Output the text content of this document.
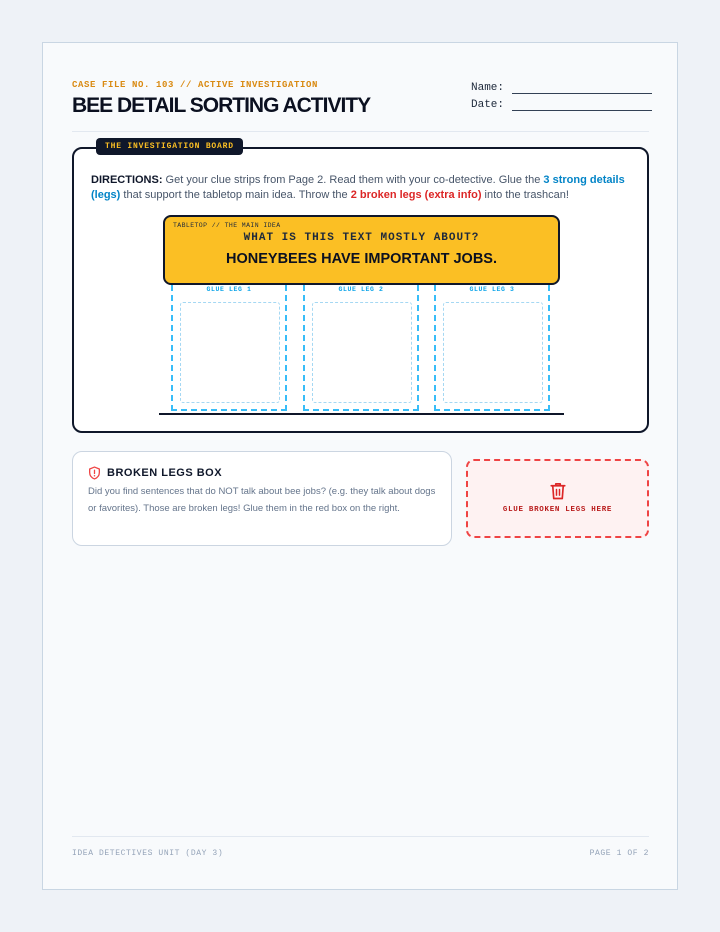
CASE FILE NO. 103 // ACTIVE INVESTIGATION
BEE DETAIL SORTING ACTIVITY
Name:
Date:
THE INVESTIGATION BOARD

DIRECTIONS: Get your clue strips from Page 2. Read them with your co-detective. Glue the 3 strong details (legs) that support the tabletop main idea. Throw the 2 broken legs (extra info) into the trashcan!

TABLETOP // THE MAIN IDEA
WHAT IS THIS TEXT MOSTLY ABOUT?
HONEYBEES HAVE IMPORTANT JOBS.
GLUE LEG 1	GLUE LEG 2	GLUE LEG 3
BROKEN LEGS BOX

Did you find sentences that do NOT talk about bee jobs? (e.g. they talk about dogs or favorites). Those are broken legs! Glue them in the red box on the right.	GLUE BROKEN LEGS HERE
IDEA DETECTIVES UNIT (DAY 3)	PAGE 1 OF 2
